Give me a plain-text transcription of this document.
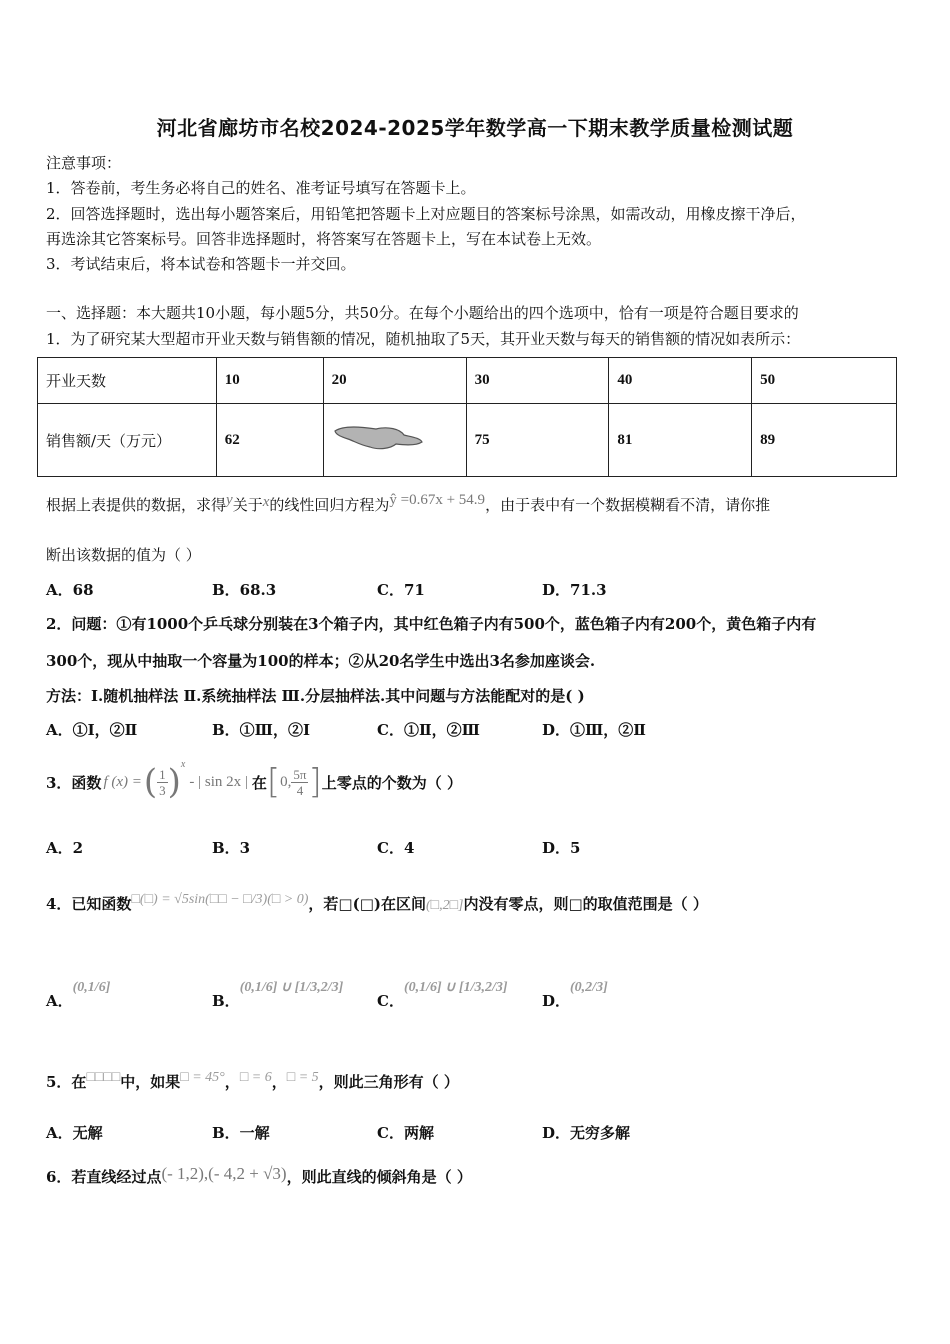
河北省廊坊市名校2024-2025学年数学高一下期末教学质量检测试题
注意事项：
1．答卷前，考生务必将自己的姓名、准考证号填写在答题卡上。
2．回答选择题时，选出每小题答案后，用铅笔把答题卡上对应题目的答案标号涂黑，如需改动，用橡皮擦干净后，
再选涂其它答案标号。回答非选择题时，将答案写在答题卡上，写在本试卷上无效。
3．考试结束后，将本试卷和答题卡一并交回。
一、选择题：本大题共10小题，每小题5分，共50分。在每个小题给出的四个选项中，恰有一项是符合题目要求的
1．为了研究某大型超市开业天数与销售额的情况，随机抽取了5天，其开业天数与每天的销售额的情况如表所示：
开业天数	10	20	30	40	50
销售额/天（万元）	62		75	81	89
根据上表提供的数据，求得y关于x的线性回归方程为ŷ =0.67x + 54.9，由于表中有一个数据模糊看不清，请你推
断出该数据的值为（ ）
A．68	B．68.3	C．71	D．71.3
2．问题：①有1000个乒乓球分别装在3个箱子内，其中红色箱子内有500个，蓝色箱子内有200个，黄色箱子内有
300个，现从中抽取一个容量为100的样本；②从20名学生中选出3名参加座谈会.
方法：Ⅰ.随机抽样法 Ⅱ.系统抽样法 Ⅲ.分层抽样法.其中问题与方法能配对的是( )
A．①Ⅰ，②Ⅱ	B．①Ⅲ，②Ⅰ	C．①Ⅱ，②Ⅲ	D．①Ⅲ，②Ⅱ
3．函数 f (x) = ( $\frac{1}{3}$ ) x
- | sin 2x | 在 [ 0, $\frac{5\pi}{4}$ ] 上零点的个数为（ ）
A．2	B．3	C．4	D．5
4．已知函数□(□) = √5sin(□□ − □/3)(□ > 0)，若□(□)在区间(□,2□]内没有零点，则□的取值范围是（ ）
A．(0,1/6]
B．(0,1/6] ∪ [1/3,2/3]
C．(0,1/6] ∪ [1/3,2/3]
D．(0,2/3]
5．在□□□□中，如果□ = 45°，□ = 6，□ = 5，则此三角形有（ ）
A．无解	B．一解	C．两解	D．无穷多解
6．若直线经过点(- 1,2),(- 4,2 + √3)，则此直线的倾斜角是（ ）
